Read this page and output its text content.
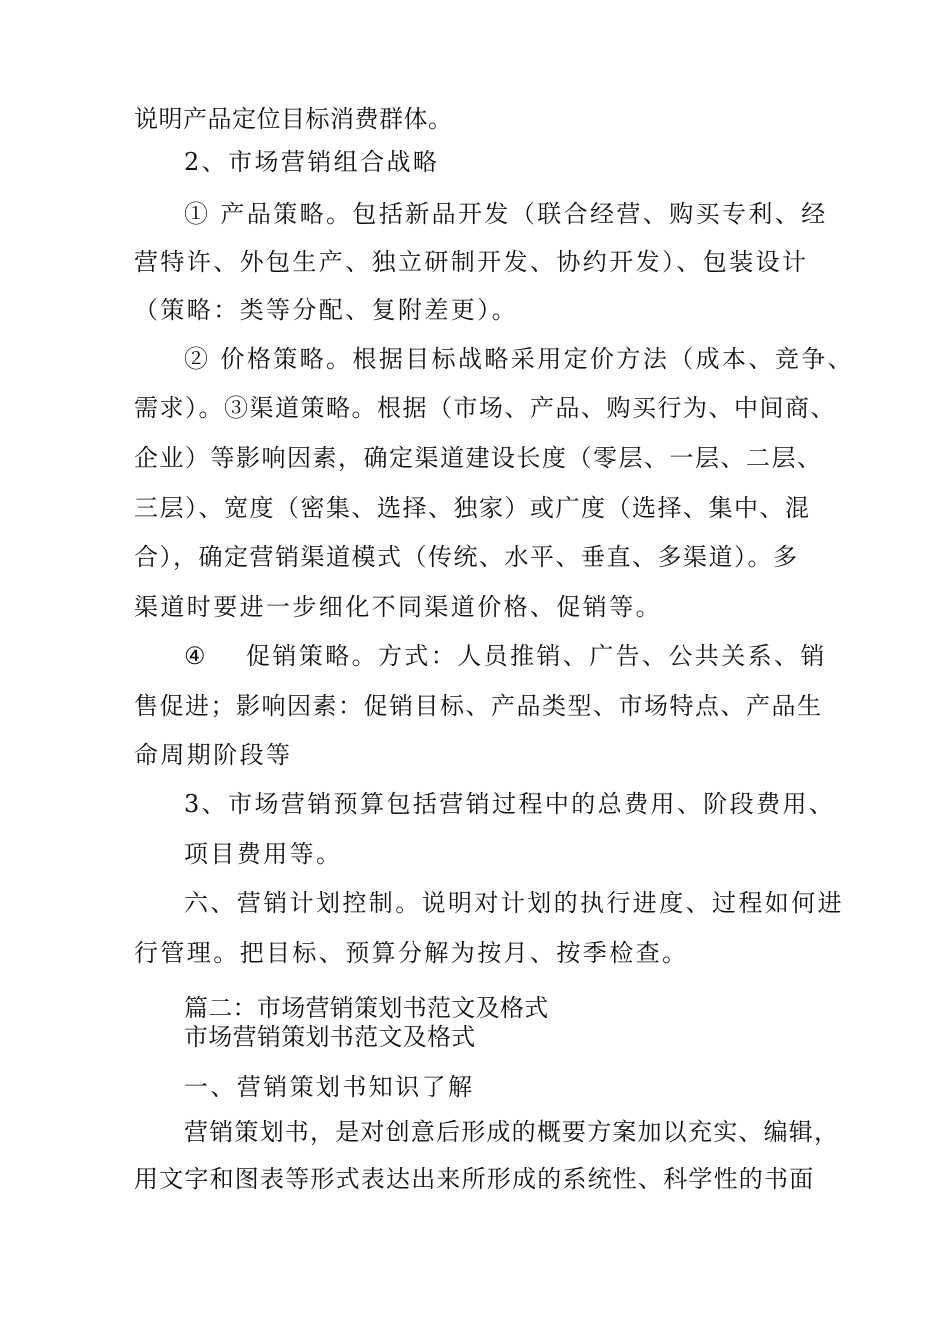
说明产品定位目标消费群体。
2、市场营销组合战略
① 产品策略。包括新品开发（联合经营、购买专利、经
营特许、外包生产、独立研制开发、协约开发）、包装设计
（策略：类等分配、复附差更）。
② 价格策略。根据目标战略采用定价方法（成本、竞争、
需求）。③渠道策略。根据（市场、产品、购买行为、中间商、
企业）等影响因素，确定渠道建设长度（零层、一层、二层、
三层）、宽度（密集、选择、独家）或广度（选择、集中、混
合），确定营销渠道模式（传统、水平、垂直、多渠道）。多
渠道时要进一步细化不同渠道价格、促销等。
④ 促销策略。方式：人员推销、广告、公共关系、销
售促进；影响因素：促销目标、产品类型、市场特点、产品生
命周期阶段等
3、市场营销预算包括营销过程中的总费用、阶段费用、
项目费用等。
六、营销计划控制。说明对计划的执行进度、过程如何进
行管理。把目标、预算分解为按月、按季检查。
篇二：市场营销策划书范文及格式
市场营销策划书范文及格式
一、营销策划书知识了解
营销策划书，是对创意后形成的概要方案加以充实、编辑，
用文字和图表等形式表达出来所形成的系统性、科学性的书面
